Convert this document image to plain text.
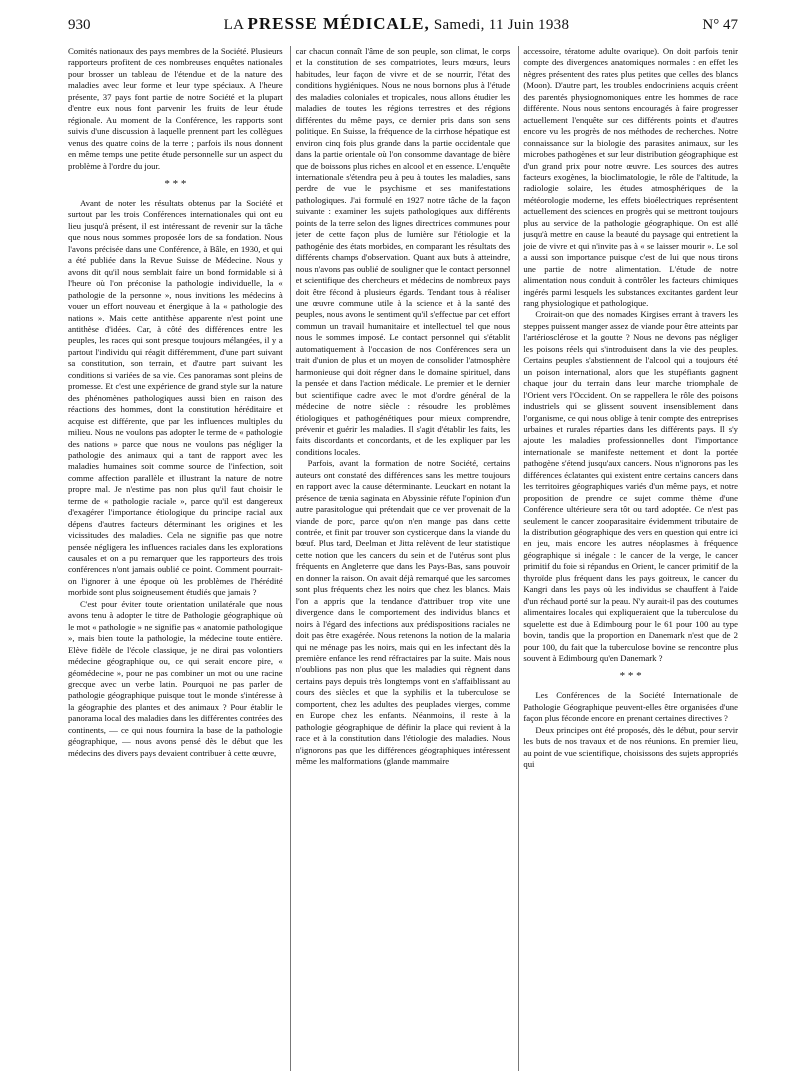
930	LA PRESSE MÉDICALE, Samedi, 11 Juin 1938	N° 47

Comités nationaux des pays membres de la Société. Plusieurs rapporteurs profitent de ces nombreuses enquêtes nationales pour brosser un tableau de l'étendue et de la nature des maladies avec leur forme et leur type spéciaux. A l'heure présente, 37 pays font partie de notre Société et la plupart d'entre eux nous font parvenir les fruits de leur étude régionale. Au moment de la Conférence, les rapports sont suivis d'une discussion à laquelle prennent part les collègues venus des quatre coins de la terre ; parfois ils nous donnent en même temps une petite étude personnelle sur un aspect du problème à l'ordre du jour.

* * *

Avant de noter les résultats obtenus par la Société et surtout par les trois Conférences internationales qui ont eu lieu jusqu'à présent, il est intéressant de revenir sur la tâche que nous nous sommes proposée lors de sa fondation. Nous l'avons précisée dans une Conférence, à Bâle, en 1930, et qui a été publiée dans la Revue Suisse de Médecine. Nous y avons dit qu'il nous semblait faire un bond formidable si à l'heure où l'on préconise la pathologie individuelle, la « pathologie de la personne », nous invitions les médecins à vouer un effort nouveau et énergique à la « pathologie des nations ». Mais cette antithèse apparente n'est point une antithèse d'idées. Car, à côté des différences entre les peuples, les races qui sont presque toujours mélangées, il y a partout l'individu qui réagit différemment, d'une part suivant sa constitution, son terrain, et d'autre part suivant les conditions si variées de sa vie. Ces panoramas sont pleins de promesse. Et c'est une expérience de grand style sur la nature des phénomènes pathologiques aussi bien en raison des réactions des hommes, dont la constitution héréditaire et acquise est différente, que par les influences multiples du milieu. Nous ne voulons pas adopter le terme de « pathologie des nations » parce que nous ne voulons pas négliger la pathologie des animaux qui a tant de rapport avec les maladies humaines soit comme source de l'infection, soit comme affection parallèle et illustrant la nature de notre propre mal. Je n'estime pas non plus qu'il faut choisir le terme de « pathologie raciale », parce qu'il est dangereux d'exagérer l'importance étiologique du principe racial aux dépens d'autres facteurs déterminant les origines et les vicissitudes des maladies. Cela ne signifie pas que notre pensée négligera les influences raciales dans les explorations causales et on a pu remarquer que les rapporteurs des trois conférences n'ont jamais oublié ce point. Comment pourrait-on l'ignorer à une époque où les problèmes de l'hérédité morbide sont plus soigneusement étudiés que jamais ?

C'est pour éviter toute orientation unilatérale que nous avons tenu à adopter le titre de Pathologie géographique où le mot « pathologie » ne signifie pas « anatomie pathologique », mais bien toute la pathologie, la médecine toute entière. Elève fidèle de l'école classique, je ne dirai pas volontiers médecine géographique ou, ce qui serait encore pire, « géomédecine », pour ne pas combiner un mot ou une racine grecque avec un verbe latin. Pourquoi ne pas parler de pathologie géographique puisque tout le monde s'intéresse à la géographie des plantes et des animaux ? Pour établir le panorama local des maladies dans les différentes contrées des continents, — ce qui nous fournira la base de la pathologie géographique, — nous avons pensé dès le début que les médecins des divers pays devaient contribuer à cette œuvre,

car chacun connaît l'âme de son peuple, son climat, le corps et la constitution de ses compatriotes, leurs mœurs, leurs habitudes, leur façon de vivre et de se nourrir, l'état des conditions hygiéniques. Nous ne nous bornons plus à l'étude des maladies coloniales et tropicales, nous allons étudier les maladies de toutes les régions terrestres et des régions différentes du même pays, ce dernier pris dans son sens politique. En Suisse, la fréquence de la cirrhose hépatique est environ cinq fois plus grande dans la partie occidentale que dans la partie orientale où l'on consomme davantage de bière que de boissons plus riches en alcool et en essence. L'enquête internationale s'étendra peu à peu à toutes les maladies, sans perdre de vue le psychisme et ses manifestations pathologiques. J'ai formulé en 1927 notre tâche de la façon suivante : examiner les sujets pathologiques aux différents points de la terre selon des lignes directrices communes pour jeter de cette façon plus de lumière sur l'étiologie et la pathogénie des états morbides, en comparant les résultats des différents champs d'observation. Quant aux buts à atteindre, nous n'avons pas oublié de souligner que le contact personnel et scientifique des chercheurs et médecins de nombreux pays doit être fécond à plusieurs égards. Tendant tous à réaliser une œuvre commune utile à la science et à la santé des peuples, nous avons le sentiment qu'il s'effectue par cet effort commun un travail humanitaire et intellectuel tel que nous nous le sommes imposé. Le contact personnel qui s'établit automatiquement à l'occasion de nos Conférences sera un trait d'union de plus et un moyen de consolider l'atmosphère harmonieuse qui doit régner dans le domaine spirituel, dans la pensée et dans l'action médicale. Le premier et le dernier but scientifique cadre avec le mot d'ordre général de la médecine de notre siècle : résoudre les problèmes étiologiques et pathogénétiques pour mieux comprendre, prévenir et guérir les maladies. Il s'agit d'établir les faits, les faits discordants et concordants, et de les expliquer par les conditions locales.

Parfois, avant la formation de notre Société, certains auteurs ont constaté des différences sans les mettre toujours en rapport avec la cause déterminante. Leuckart en notant la présence de tænia saginata en Abyssinie réfute l'opinion d'un autre parasitologue qui prétendait que ce ver provenait de la viande de porc, parce qu'on n'en mange pas dans cette contrée, et finit par trouver son cysticerque dans la viande du bœuf. Plus tard, Deelman et Jitta relèvent de leur statistique cette notion que les cancers du sein et de l'utérus sont plus fréquents en Angleterre que dans les Pays-Bas, sans pouvoir en donner la raison. On avait déjà remarqué que les sarcomes sont plus fréquents chez les noirs que chez les blancs. Mais l'on a appris que la tendance d'attribuer trop vite une divergence dans le comportement des individus blancs et noirs à l'égard des infections aux prédispositions raciales ne doit pas être exagérée. Nous retenons la notion de la malaria qui ne ménage pas les noirs, mais qui en les infectant dès la première enfance les rend réfractaires par la suite. Mais nous n'oublions pas non plus que les maladies qui règnent dans certains pays depuis très longtemps vont en s'affaiblissant au cours des siècles et que la syphilis et la tuberculose se comportent, chez les adultes des peuplades vierges, comme en Europe chez les enfants. Néanmoins, il reste à la pathologie géographique de définir la place qui revient à la race et à la constitution dans l'étiologie des maladies. Nous n'ignorons pas que les différences géographiques intéressent même les malformations (glande mammaire

accessoire, tératome adulte ovarique). On doit parfois tenir compte des divergences anatomiques normales : en effet les nègres présentent des rates plus petites que celles des blancs (Moon). D'autre part, les troubles endocriniens acquis créent des parentés physiognomoniques entre les hommes de race différente. Nous nous sentons encouragés à faire progresser actuellement l'enquête sur ces différents points et d'autres encore vu les progrès de nos méthodes de recherches. Notre connaissance sur la biologie des parasites animaux, sur les microbes pathogènes et sur leur distribution géographique est d'un grand prix pour notre œuvre. Les sources des autres facteurs exogènes, la bioclimatologie, le rôle de l'altitude, la radiologie solaire, les études atmosphériques de la météorologie moderne, les effets bioélectriques représentent actuellement des sciences en progrès qui se mettront toujours plus au service de la pathologie géographique. On est allé jusqu'à mettre en cause la beauté du paysage qui entretient la joie de vivre et qui n'invite pas à « se laisser mourir ». Le sol a aussi son importance puisque c'est de lui que nous tirons une partie de notre alimentation. L'étude de notre alimentation nous conduit à contrôler les facteurs chimiques ingérés parmi lesquels les substances excitantes gardent leur rang physiologique et pathologique.

Croirait-on que des nomades Kirgises errant à travers les steppes puissent manger assez de viande pour être atteints par l'artériosclérose et la goutte ? Nous ne devons pas négliger les poisons réels qui s'introduisent dans la vie des peuples. Certains peuples s'abstiennent de l'alcool qui a toujours été un poison international, alors que les stupéfiants gagnent chaque jour du terrain dans leur marche triomphale de l'Orient vers l'Occident. On se rappellera le rôle des poisons industriels qui se glissent souvent insensiblement dans l'organisme, ce qui nous oblige à tenir compte des entreprises urbaines et rurales réparties dans les différents pays. Il s'y ajoute les maladies professionnelles dont l'importance internationale se manifeste nettement et dont la portée pathogène s'étend jusqu'aux cancers. Nous n'ignorons pas les différences éclatantes qui existent entre certains cancers dans les territoires géographiques variés d'un même pays, et notre proposition de prendre ce sujet comme thème d'une Conférence ultérieure sera tôt ou tard adoptée. Ce n'est pas seulement le cancer zooparasitaire évidemment tributaire de la distribution géographique des vers en question qui entre ici en jeu, mais encore les autres néoplasmes à fréquence géographique si inégale : le cancer de la verge, le cancer primitif du foie si répandus en Orient, le cancer primitif de la thyroïde plus fréquent dans les pays goitreux, le cancer du Kangri dans les pays où les individus se chauffent à l'aide d'un réchaud porté sur la peau. N'y aurait-il pas des coutumes alimentaires locales qui expliqueraient que la tuberculose du squelette est due à Edimbourg pour le 61 pour 100 au type bovin, tandis que la proportion en Danemark n'est que de 2 pour 100, du fait que la tuberculose bovine se rencontre plus souvent à Edimbourg qu'en Danemark ?

* * *

Les Conférences de la Société Internationale de Pathologie Géographique peuvent-elles être organisées d'une façon plus féconde encore en prenant certaines directives ?

Deux principes ont été proposés, dès le début, pour servir les buts de nos travaux et de nos réunions. En premier lieu, au point de vue scientifique, choisissons des sujets appropriés qui
